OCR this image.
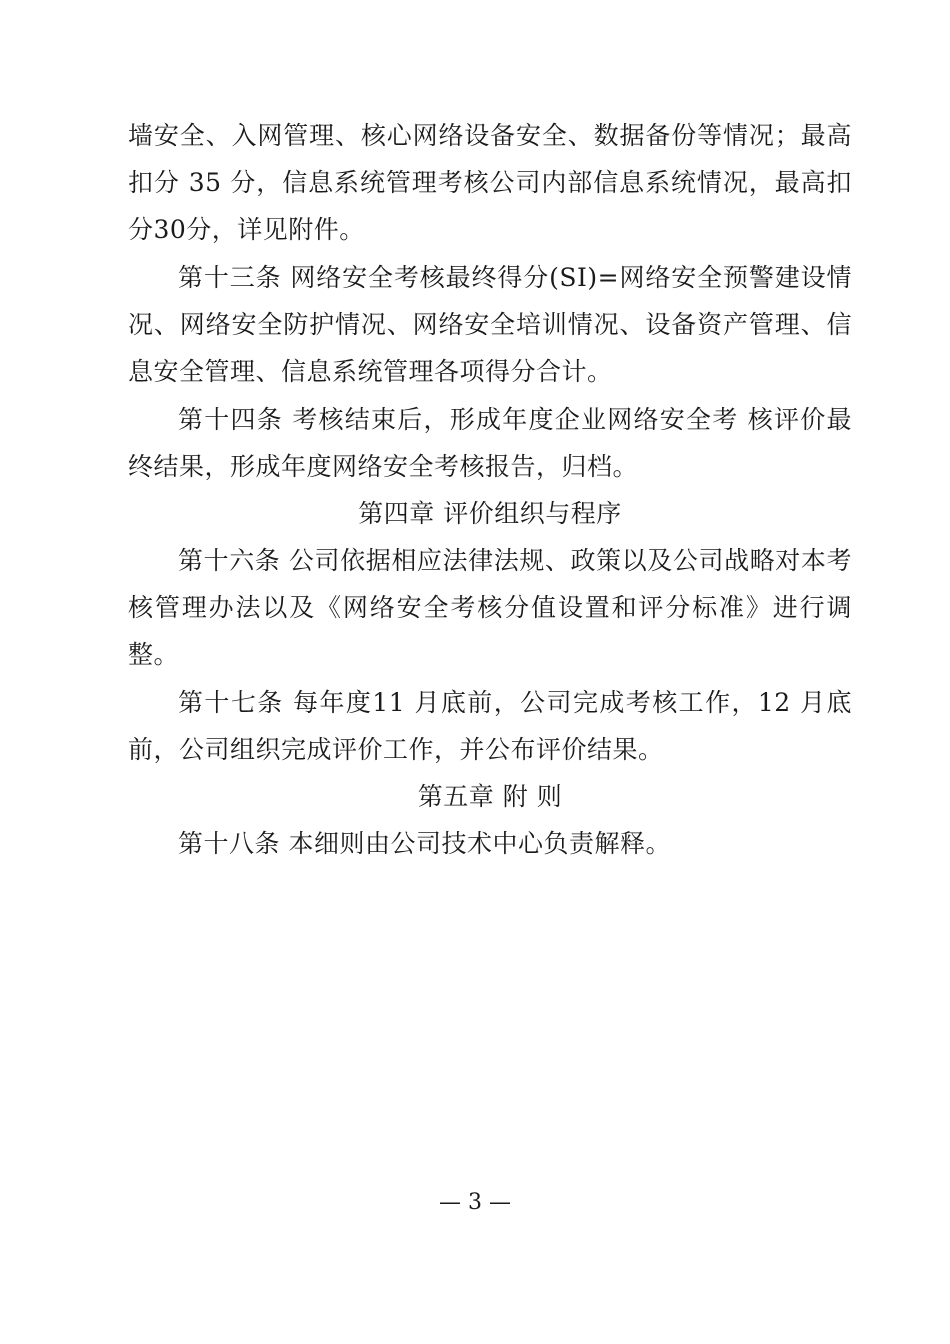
墙安全、入网管理、核心网络设备安全、数据备份等情况；最高扣分 35 分，信息系统管理考核公司内部信息系统情况，最高扣分30分，详见附件。

第十三条 网络安全考核最终得分(SI)=网络安全预警建设情况、网络安全防护情况、网络安全培训情况、设备资产管理、信息安全管理、信息系统管理各项得分合计。

第十四条 考核结束后，形成年度企业网络安全考 核评价最终结果，形成年度网络安全考核报告，归档。

第四章 评价组织与程序

第十六条 公司依据相应法律法规、政策以及公司战略对本考核管理办法以及《网络安全考核分值设置和评分标准》进行调整。

第十七条 每年度11 月底前，公司完成考核工作，12 月底前，公司组织完成评价工作，并公布评价结果。

第五章 附 则

第十八条 本细则由公司技术中心负责解释。

— 3 —
